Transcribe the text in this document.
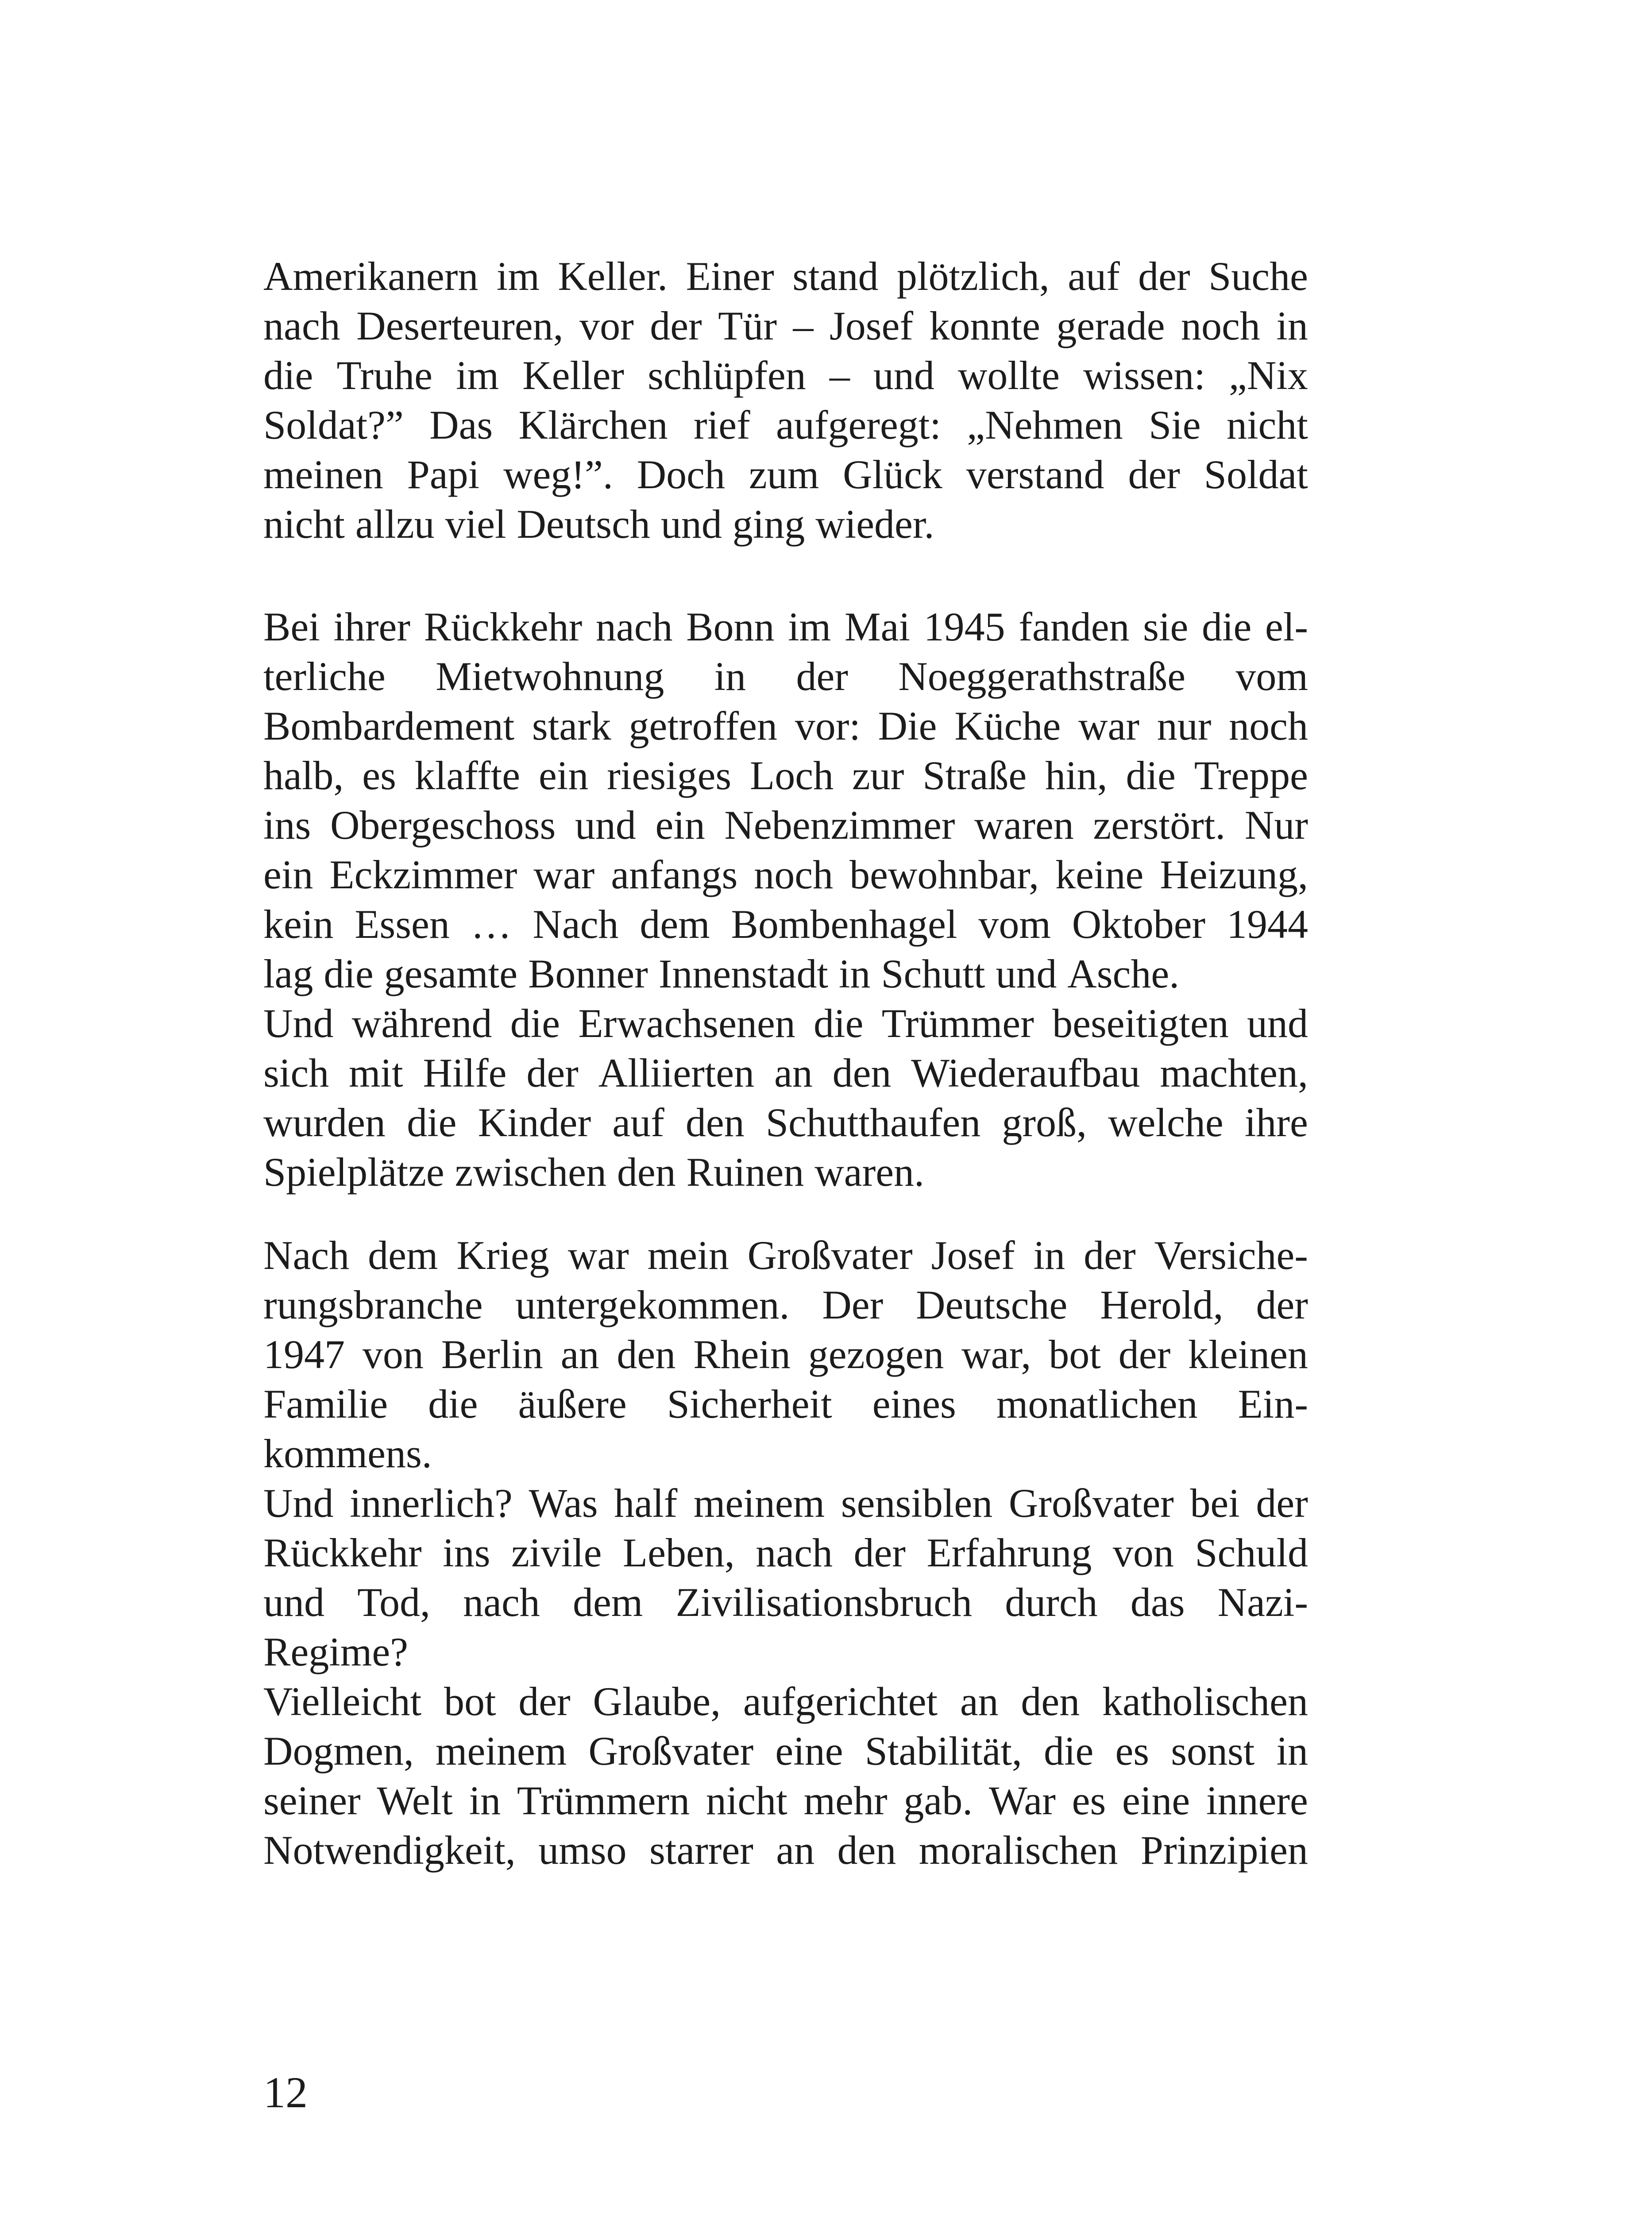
Amerikanern im Keller. Einer stand plötzlich, auf der Suche
nach Deserteuren, vor der Tür – Josef konnte gerade noch in
die Truhe im Keller schlüpfen – und wollte wissen: „Nix
Soldat?” Das Klärchen rief aufgeregt: „Nehmen Sie nicht
meinen Papi weg!”. Doch zum Glück verstand der Soldat
nicht allzu viel Deutsch und ging wieder.
Bei ihrer Rückkehr nach Bonn im Mai 1945 fanden sie die el-
terliche Mietwohnung in der Noeggerathstraße vom
Bombardement stark getroffen vor: Die Küche war nur noch
halb, es klaffte ein riesiges Loch zur Straße hin, die Treppe
ins Obergeschoss und ein Nebenzimmer waren zerstört. Nur
ein Eckzimmer war anfangs noch bewohnbar, keine Heizung,
kein Essen … Nach dem Bombenhagel vom Oktober 1944
lag die gesamte Bonner Innenstadt in Schutt und Asche.
Und während die Erwachsenen die Trümmer beseitigten und
sich mit Hilfe der Alliierten an den Wiederaufbau machten,
wurden die Kinder auf den Schutthaufen groß, welche ihre
Spielplätze zwischen den Ruinen waren.
Nach dem Krieg war mein Großvater Josef in der Versiche-
rungsbranche untergekommen. Der Deutsche Herold, der
1947 von Berlin an den Rhein gezogen war, bot der kleinen
Familie die äußere Sicherheit eines monatlichen Ein-
kommens.
Und innerlich? Was half meinem sensiblen Großvater bei der
Rückkehr ins zivile Leben, nach der Erfahrung von Schuld
und Tod, nach dem Zivilisationsbruch durch das Nazi-
Regime?
Vielleicht bot der Glaube, aufgerichtet an den katholischen
Dogmen, meinem Großvater eine Stabilität, die es sonst in
seiner Welt in Trümmern nicht mehr gab. War es eine innere
Notwendigkeit, umso starrer an den moralischen Prinzipien
12
